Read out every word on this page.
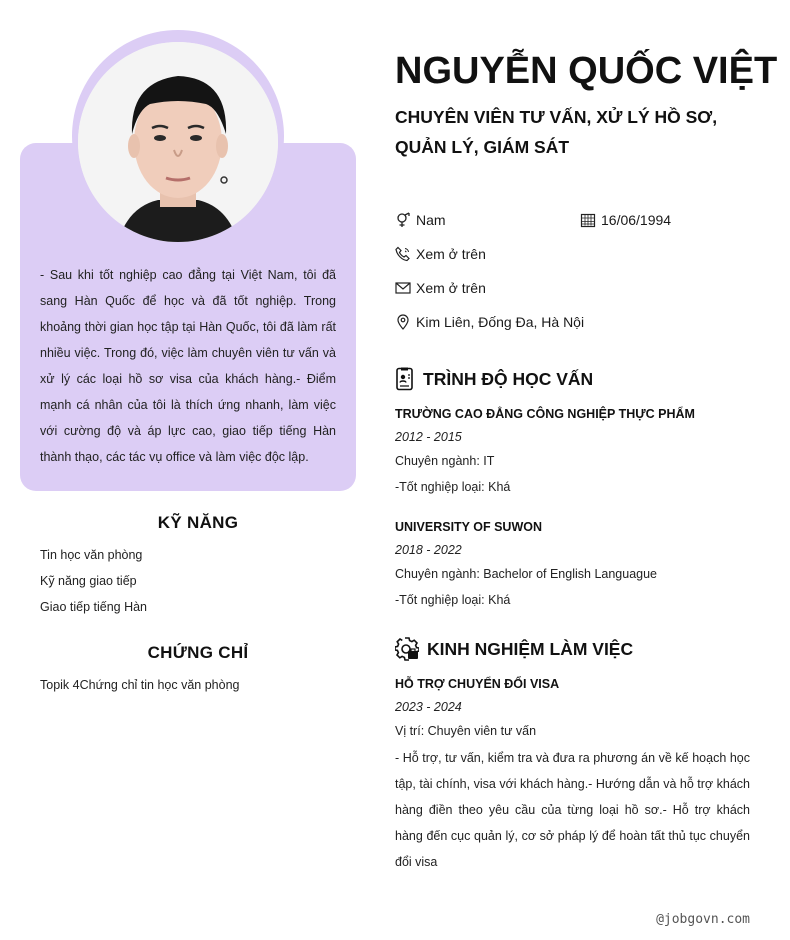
- Sau khi tốt nghiệp cao đẳng tại Việt Nam, tôi đã sang Hàn Quốc để học và đã tốt nghiệp. Trong khoảng thời gian học tập tại Hàn Quốc, tôi đã làm rất nhiều việc. Trong đó, việc làm chuyên viên tư vấn và xử lý các loại hồ sơ visa của khách hàng.- Điểm mạnh cá nhân của tôi là thích ứng nhanh, làm việc với cường độ và áp lực cao, giao tiếp tiếng Hàn thành thạo, các tác vụ office và làm việc độc lập.
KỸ NĂNG
Tin học văn phòng
Kỹ năng giao tiếp
Giao tiếp tiếng Hàn
CHỨNG CHỈ
Topik 4Chứng chỉ tin học văn phòng
NGUYỄN QUỐC VIỆT
CHUYÊN VIÊN TƯ VẤN, XỬ LÝ HỒ SƠ, QUẢN LÝ, GIÁM SÁT
Nam	16/06/1994
Xem ở trên
Xem ở trên
Kim Liên, Đống Đa, Hà Nội
TRÌNH ĐỘ HỌC VẤN
TRƯỜNG CAO ĐẲNG CÔNG NGHIỆP THỰC PHẨM
2012 - 2015
Chuyên ngành: IT
-Tốt nghiệp loại: Khá
UNIVERSITY OF SUWON
2018 - 2022
Chuyên ngành: Bachelor of English Languague
-Tốt nghiệp loại: Khá
KINH NGHIỆM LÀM VIỆC
HỖ TRỢ CHUYỂN ĐỔI VISA
2023 - 2024
Vị trí: Chuyên viên tư vấn
- Hỗ trợ, tư vấn, kiểm tra và đưa ra phương án về kế hoạch học tập, tài chính, visa với khách hàng.- Hướng dẫn và hỗ trợ khách hàng điền theo yêu cầu của từng loại hồ sơ.- Hỗ trợ khách hàng đến cục quản lý, cơ sở pháp lý để hoàn tất thủ tục chuyển đổi visa
@jobgovn.com
